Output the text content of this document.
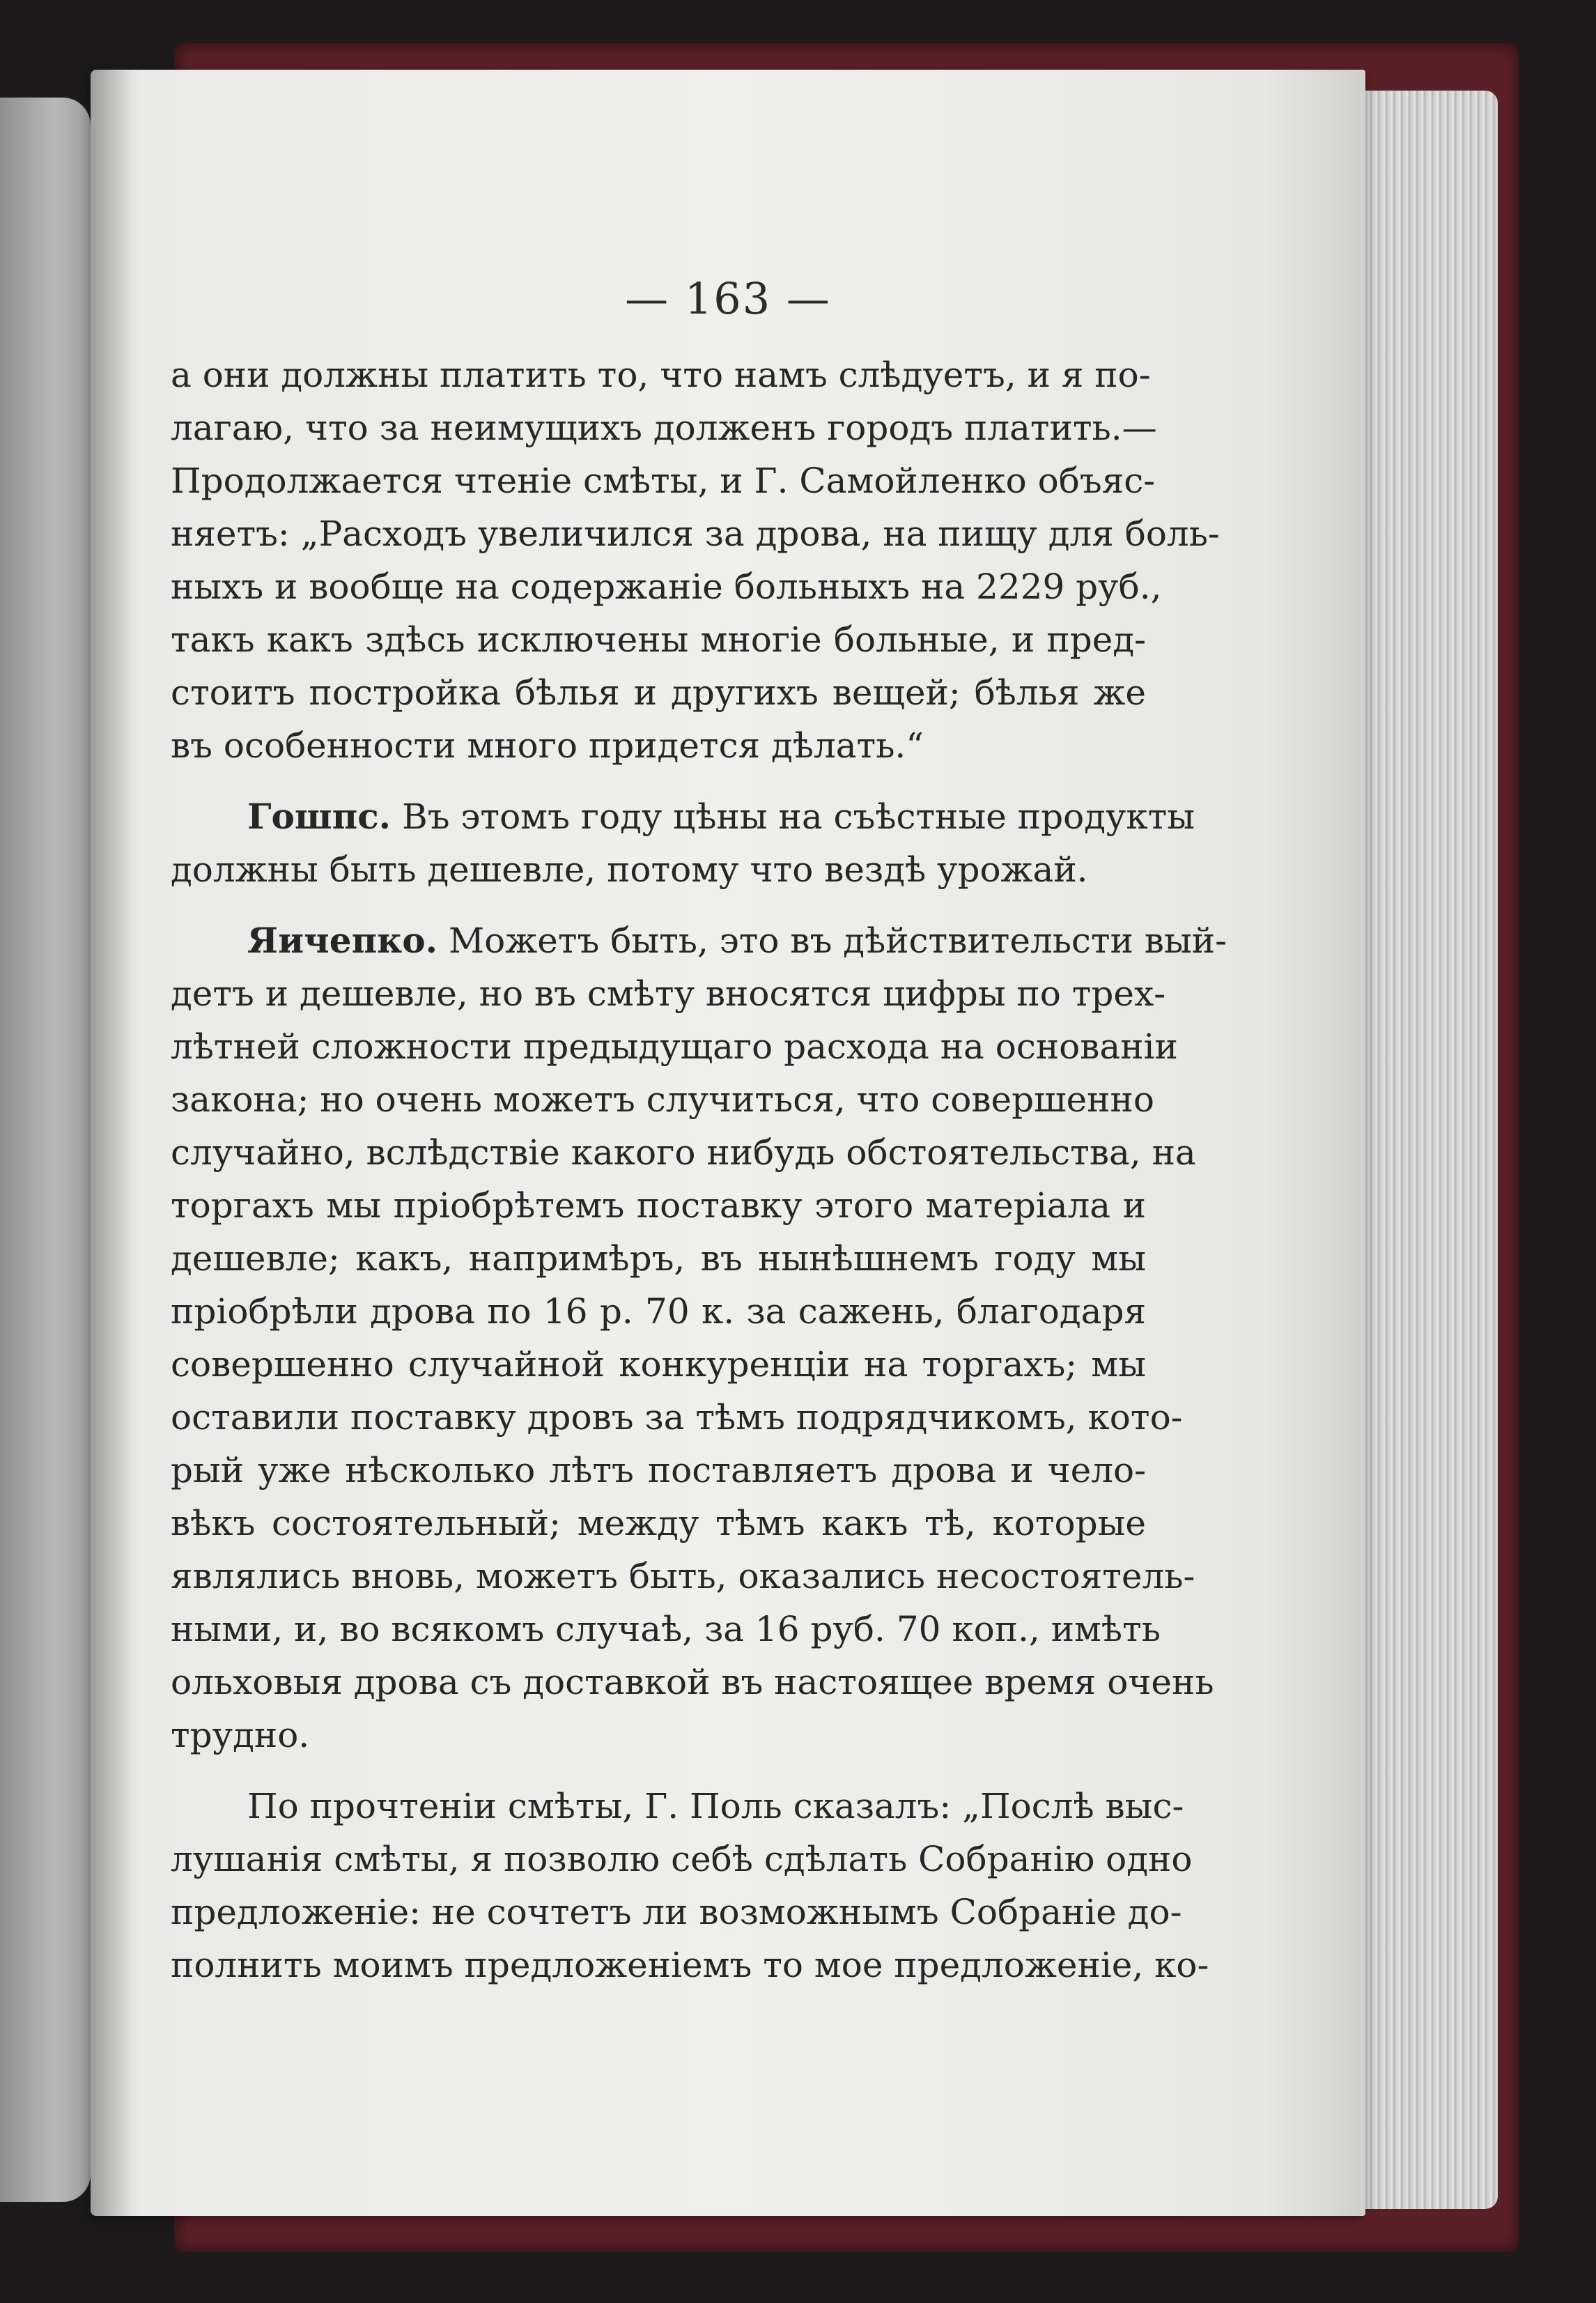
— 163 —
а они должны платить то, что намъ слѣдуетъ, и я по-
лагаю, что за неимущихъ долженъ городъ платить.—
Продолжается чтеніе смѣты, и Г. Самойленко объяс-
няетъ: „Расходъ увеличился за дрова, на пищу для боль-
ныхъ и вообще на содержаніе больныхъ на 2229 руб.,
такъ какъ здѣсь исключены многіе больные, и пред-
стоитъ постройка бѣлья и другихъ вещей; бѣлья же
въ особенности много придется дѣлать.“
Гошпс. Въ этомъ году цѣны на съѣстные продукты
должны быть дешевле, потому что вездѣ урожай.
Яичепко. Можетъ быть, это въ дѣйствительсти вый-
детъ и дешевле, но въ смѣту вносятся цифры по трех-
лѣтней сложности предыдущаго расхода на основаніи
закона; но очень можетъ случиться, что совершенно
случайно, вслѣдствіе какого нибудь обстоятельства, на
торгахъ мы пріобрѣтемъ поставку этого матеріала и
дешевле; какъ, напримѣръ, въ нынѣшнемъ году мы
пріобрѣли дрова по 16 р. 70 к. за сажень, благодаря
совершенно случайной конкуренціи на торгахъ; мы
оставили поставку дровъ за тѣмъ подрядчикомъ, кото-
рый уже нѣсколько лѣтъ поставляетъ дрова и чело-
вѣкъ состоятельный; между тѣмъ какъ тѣ, которые
являлись вновь, можетъ быть, оказались несостоятель-
ными, и, во всякомъ случаѣ, за 16 руб. 70 коп., имѣть
ольховыя дрова съ доставкой въ настоящее время очень
трудно.
По прочтеніи смѣты, Г. Поль сказалъ: „Послѣ выс-
лушанія смѣты, я позволю себѣ сдѣлать Собранію одно
предложеніе: не сочтетъ ли возможнымъ Собраніе до-
полнить моимъ предложеніемъ то мое предложеніе, ко-
